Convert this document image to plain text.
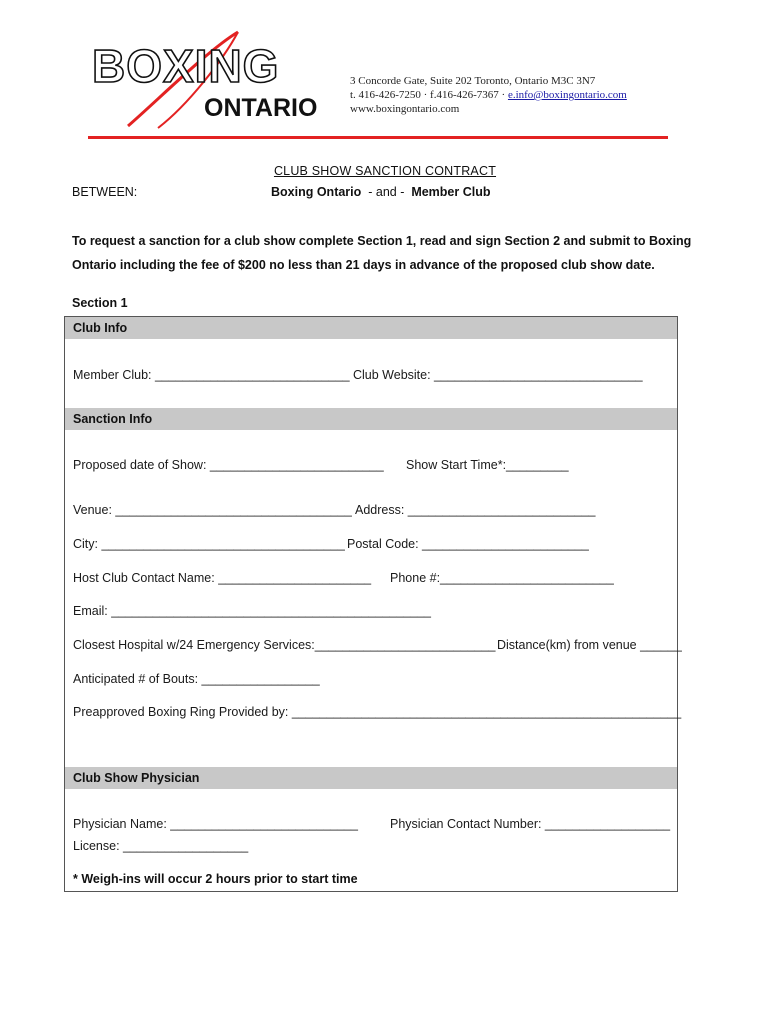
BOXING
ONTARIO
3 Concorde Gate, Suite 202 Toronto, Ontario M3C 3N7
t. 416-426-7250 · f.416-426-7367 · e.info@boxingontario.com
www.boxingontario.com
CLUB SHOW SANCTION CONTRACT
BETWEEN:	Boxing Ontario  - and -  Member Club
To request a sanction for a club show complete Section 1, read and sign Section 2 and submit to Boxing Ontario including the fee of $200 no less than 21 days in advance of the proposed club show date.
Section 1
Club Info
Member Club: ____________________________ Club Website: ______________________________
Sanction Info
Proposed date of Show: _________________________ Show Start Time*:_________
Venue: __________________________________ Address: ___________________________
City: ___________________________________ Postal Code: ________________________
Host Club Contact Name: ______________________ Phone #:_________________________
Email: ______________________________________________
Closest Hospital w/24 Emergency Services:__________________________ Distance(km) from venue ______
Anticipated # of Bouts: _________________
Preapproved Boxing Ring Provided by: ________________________________________________________
Club Show Physician
Physician Name: ___________________________	Physician Contact Number: __________________
License: __________________
* Weigh-ins will occur 2 hours prior to start time
